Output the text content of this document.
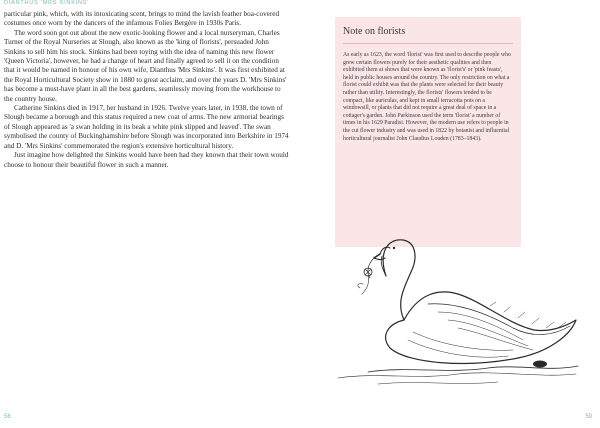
DIANTHUS 'MRS SINKINS'

particular pink, which, with its intoxicating scent, brings to mind the lavish feather boa-covered costumes once worn by the dancers of the infamous Folies Bergère in 1930s Paris.

The word soon got out about the new exotic-looking flower and a local nurseryman, Charles Turner of the Royal Nurseries at Slough, also known as the 'king of florists', persuaded John Sinkins to sell him his stock. Sinkins had been toying with the idea of naming this new flower 'Queen Victoria', however, he had a change of heart and finally agreed to sell it on the condition that it would be named in honour of his own wife, Dianthus 'Mrs Sinkins'. It was first exhibited at the Royal Horticultural Society show in 1880 to great acclaim, and over the years D. 'Mrs Sinkins' has become a must-have plant in all the best gardens, seamlessly moving from the workhouse to the country house.

Catherine Sinkins died in 1917, her husband in 1926. Twelve years later, in 1938, the town of Slough became a borough and this status required a new coat of arms. The new armorial bearings of Slough appeared as 'a swan holding in its beak a white pink slipped and leaved'. The swan symbolised the county of Buckinghamshire before Slough was incorporated into Berkshire in 1974 and D. 'Mrs Sinkins' commemorated the region's extensive horticultural history.

Just imagine how delighted the Sinkins would have been had they known that their town would choose to honour their beautiful flower in such a manner.

58
Note on florists
As early as 1623, the word 'florist' was first used to describe people who grew certain flowers purely for their aesthetic qualities and then exhibited them at shows that were known as 'florist's' or 'pink feasts', held in public houses around the country. The only restriction on what a florist could exhibit was that the plants were selected for their beauty rather than utility. Interestingly, the florists' flowers tended to be compact, like auriculas, and kept in small terracotta pots on a windowsill, or plants that did not require a great deal of space in a cottager's garden. John Parkinson used the term 'florist' a number of times in his 1629 Paradisi. However, the modern use refers to people in the cut flower industry and was used in 1822 by botanist and influential horticultural journalist John Claudius Louden (1783–1843).
59
